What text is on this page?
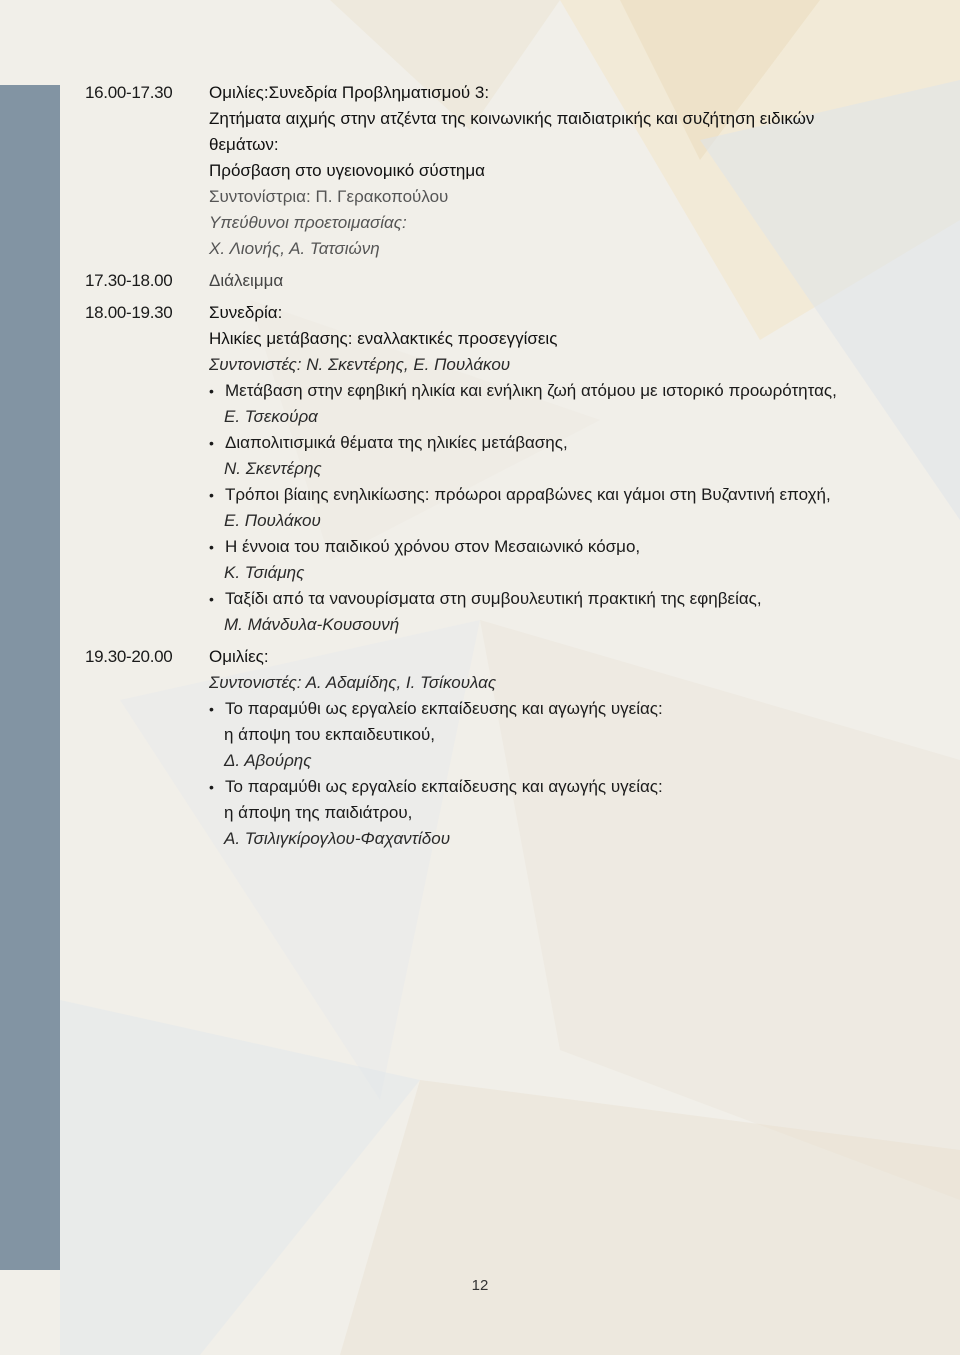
16.00-17.30	Ομιλίες:Συνεδρία Προβληματισμού 3:
Ζητήματα αιχμής στην ατζέντα της κοινωνικής παιδιατρικής και συζήτηση ειδικών
θεμάτων:
Πρόσβαση στο υγειονομικό σύστημα
Συντονίστρια: Π. Γερακοπούλου
Υπεύθυνοι προετοιμασίας:
Χ. Λιονής, Α. Τατσιώνη
17.30-18.00	Διάλειμμα
18.00-19.30	Συνεδρία:
Ηλικίες μετάβασης: εναλλακτικές προσεγγίσεις
Συντονιστές: Ν. Σκεντέρης, Ε. Πουλάκου
• Μετάβαση στην εφηβική ηλικία και ενήλικη ζωή ατόμου με ιστορικό προωρότητας,
Ε. Τσεκούρα
• Διαπολιτισμικά θέματα της ηλικίες μετάβασης,
Ν. Σκεντέρης
• Τρόποι βίαιης ενηλικίωσης: πρόωροι αρραβώνες και γάμοι στη Βυζαντινή εποχή,
Ε. Πουλάκου
• Η έννοια του παιδικού χρόνου στον Μεσαιωνικό κόσμο,
Κ. Τσιάμης
• Ταξίδι από τα νανουρίσματα στη συμβουλευτική πρακτική της εφηβείας,
Μ. Μάνδυλα-Κουσουνή
19.30-20.00	Ομιλίες:
Συντονιστές: Α. Αδαμίδης, Ι. Τσίκουλας
• Το παραμύθι ως εργαλείο εκπαίδευσης και αγωγής υγείας:
η άποψη του εκπαιδευτικού,
Δ. Αβούρης
• Το παραμύθι ως εργαλείο εκπαίδευσης και αγωγής υγείας:
η άποψη της παιδιάτρου,
Α. Τσιλιγκίρογλου-Φαχαντίδου
12
